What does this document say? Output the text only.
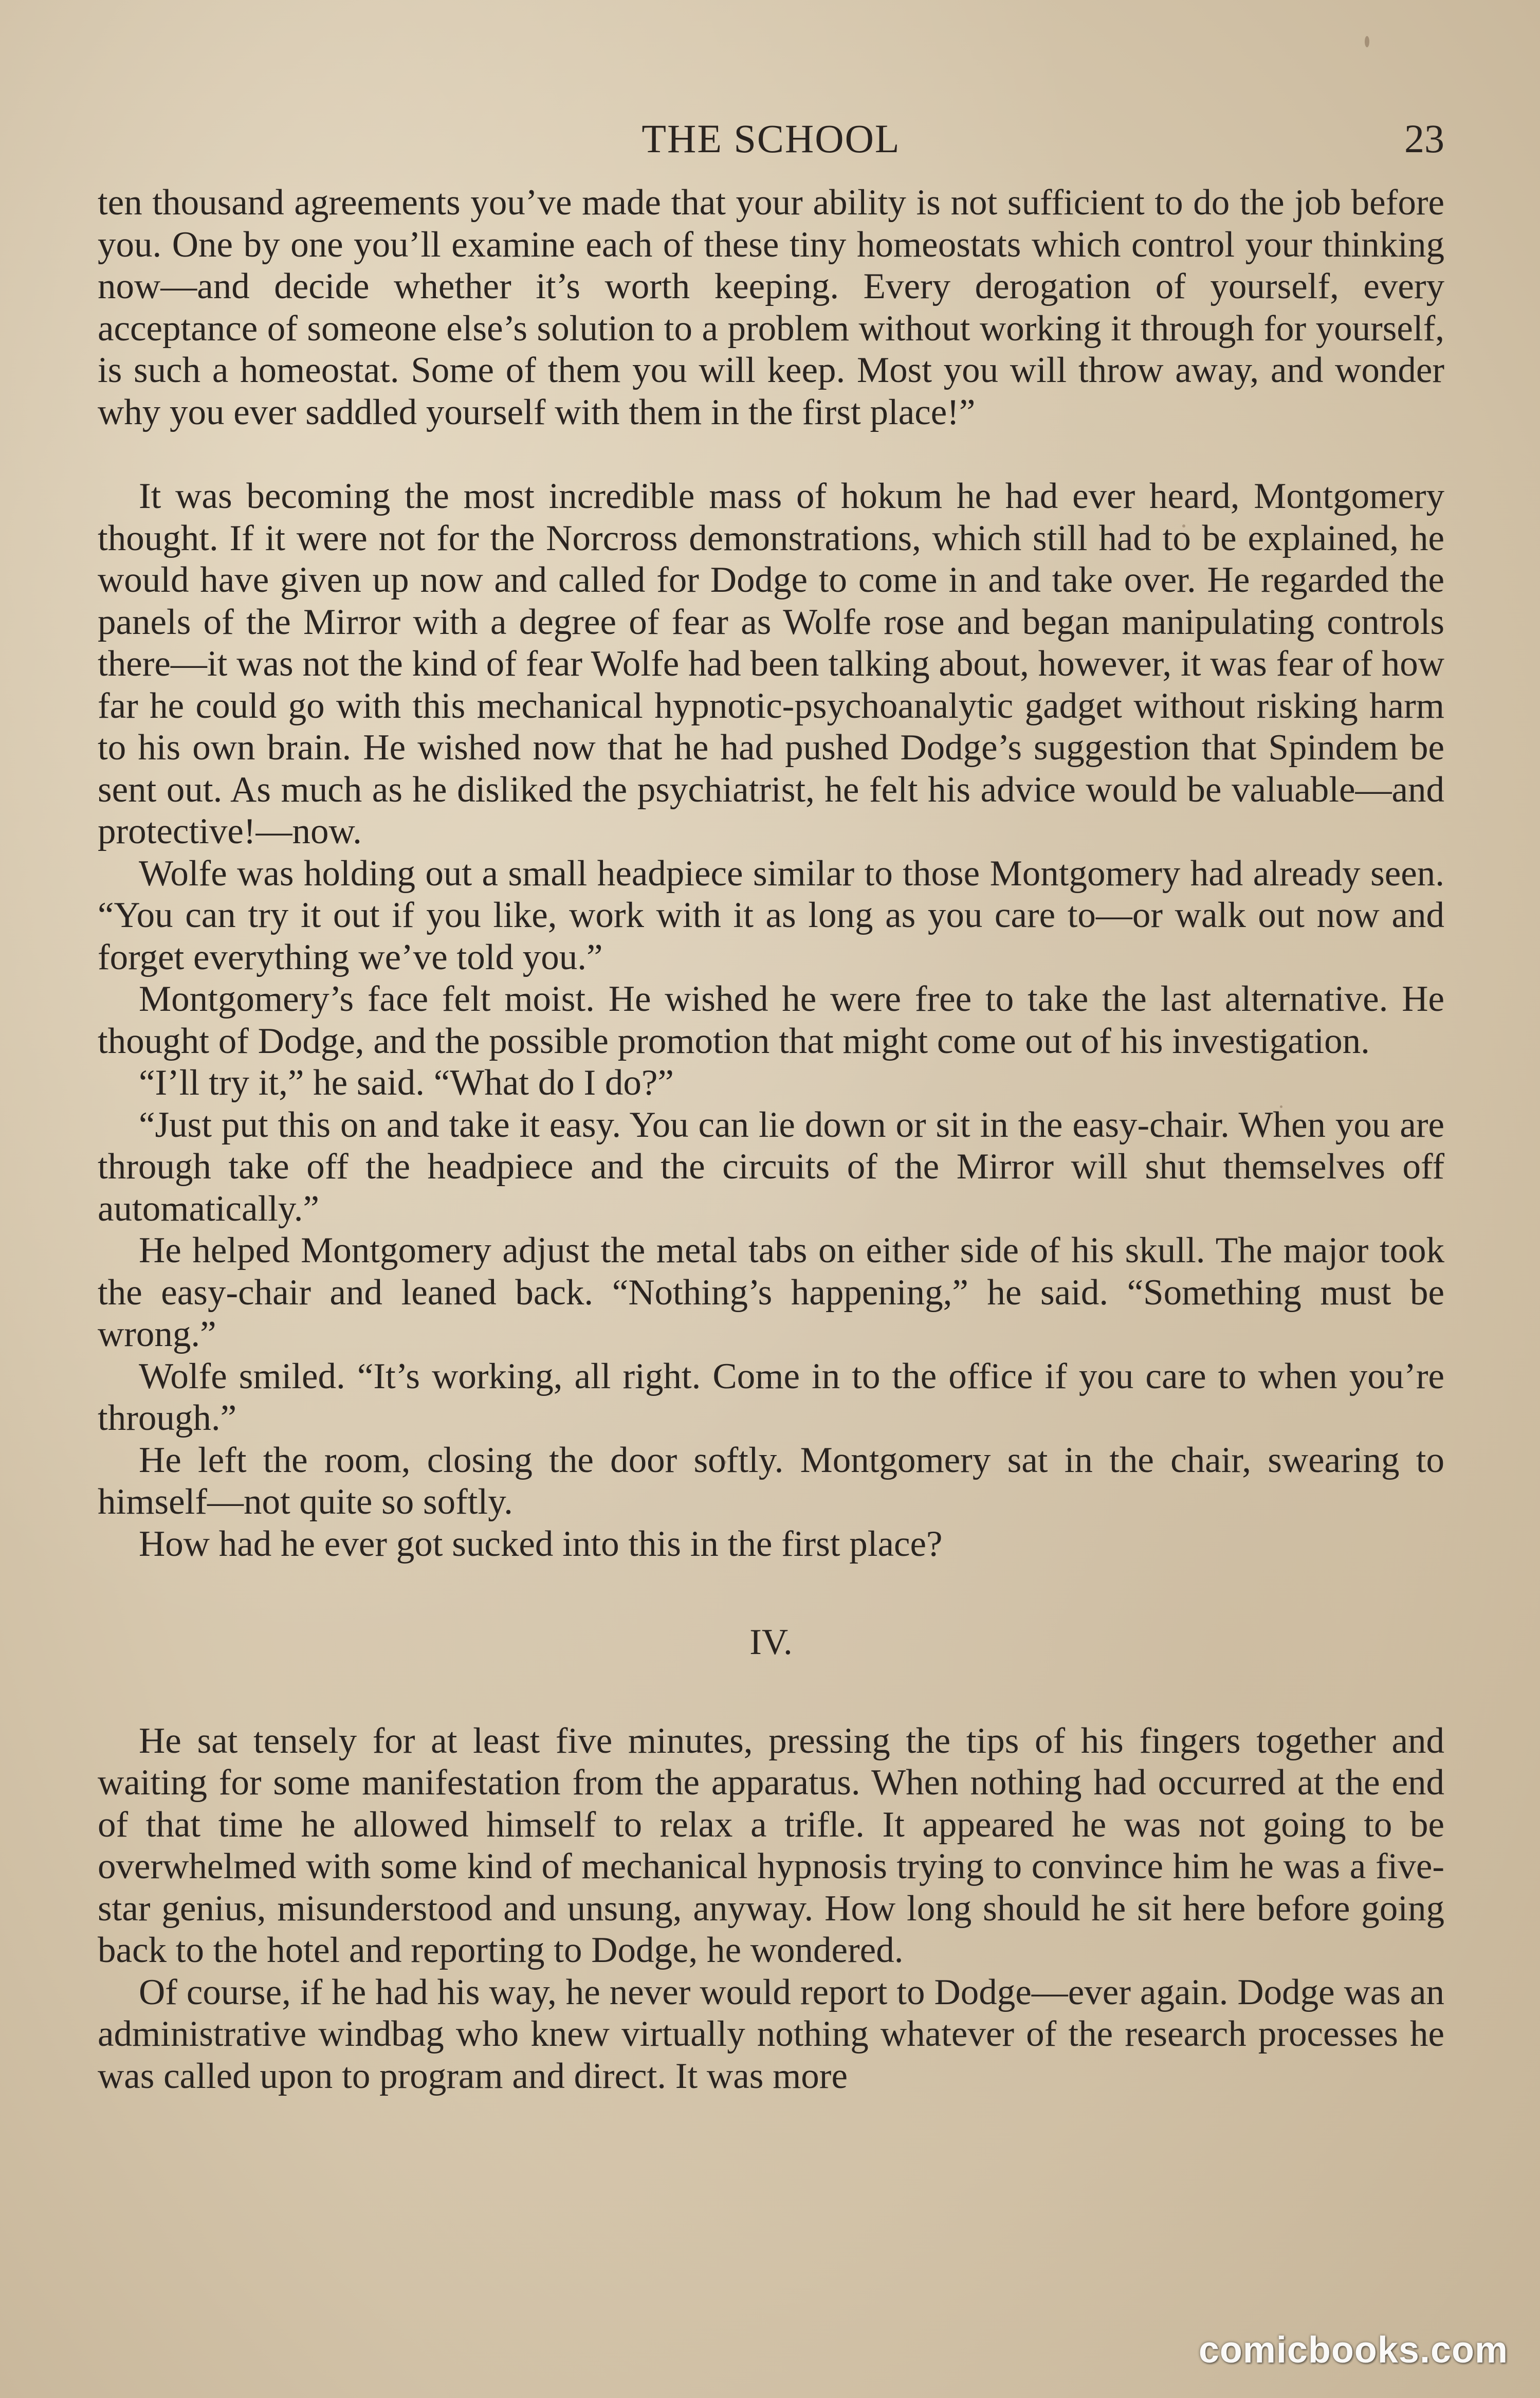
THE SCHOOL	23

ten thousand agreements you’ve made that your ability is not sufficient to do the job before you. One by one you’ll examine each of these tiny homeostats which control your thinking now—and decide whether it’s worth keeping. Every derogation of yourself, every acceptance of someone else’s solution to a problem without working it through for yourself, is such a homeostat. Some of them you will keep. Most you will throw away, and wonder why you ever saddled yourself with them in the first place!”

It was becoming the most incredible mass of hokum he had ever heard, Montgomery thought. If it were not for the Norcross demonstrations, which still had to be explained, he would have given up now and called for Dodge to come in and take over. He regarded the panels of the Mirror with a degree of fear as Wolfe rose and began manipulating controls there—it was not the kind of fear Wolfe had been talking about, however, it was fear of how far he could go with this mechanical hypnotic-psychoanalytic gadget without risking harm to his own brain. He wished now that he had pushed Dodge’s suggestion that Spindem be sent out. As much as he disliked the psychiatrist, he felt his advice would be valuable—and protective!—now.

Wolfe was holding out a small headpiece similar to those Montgomery had already seen. “You can try it out if you like, work with it as long as you care to—or walk out now and forget everything we’ve told you.”

Montgomery’s face felt moist. He wished he were free to take the last alternative. He thought of Dodge, and the possible promotion that might come out of his investigation.

“I’ll try it,” he said. “What do I do?”

“Just put this on and take it easy. You can lie down or sit in the easy-chair. When you are through take off the headpiece and the circuits of the Mirror will shut themselves off automatically.”

He helped Montgomery adjust the metal tabs on either side of his skull. The major took the easy-chair and leaned back. “Nothing’s happening,” he said. “Something must be wrong.”

Wolfe smiled. “It’s working, all right. Come in to the office if you care to when you’re through.”

He left the room, closing the door softly. Montgomery sat in the chair, swearing to himself—not quite so softly.

How had he ever got sucked into this in the first place?

IV.

He sat tensely for at least five minutes, pressing the tips of his fingers together and waiting for some manifestation from the apparatus. When nothing had occurred at the end of that time he allowed himself to relax a trifle. It appeared he was not going to be overwhelmed with some kind of mechanical hypnosis trying to convince him he was a five-star genius, misunderstood and unsung, anyway. How long should he sit here before going back to the hotel and reporting to Dodge, he wondered.

Of course, if he had his way, he never would report to Dodge—ever again. Dodge was an administrative windbag who knew virtually nothing whatever of the research processes he was called upon to program and direct. It was more

comicbooks.com
